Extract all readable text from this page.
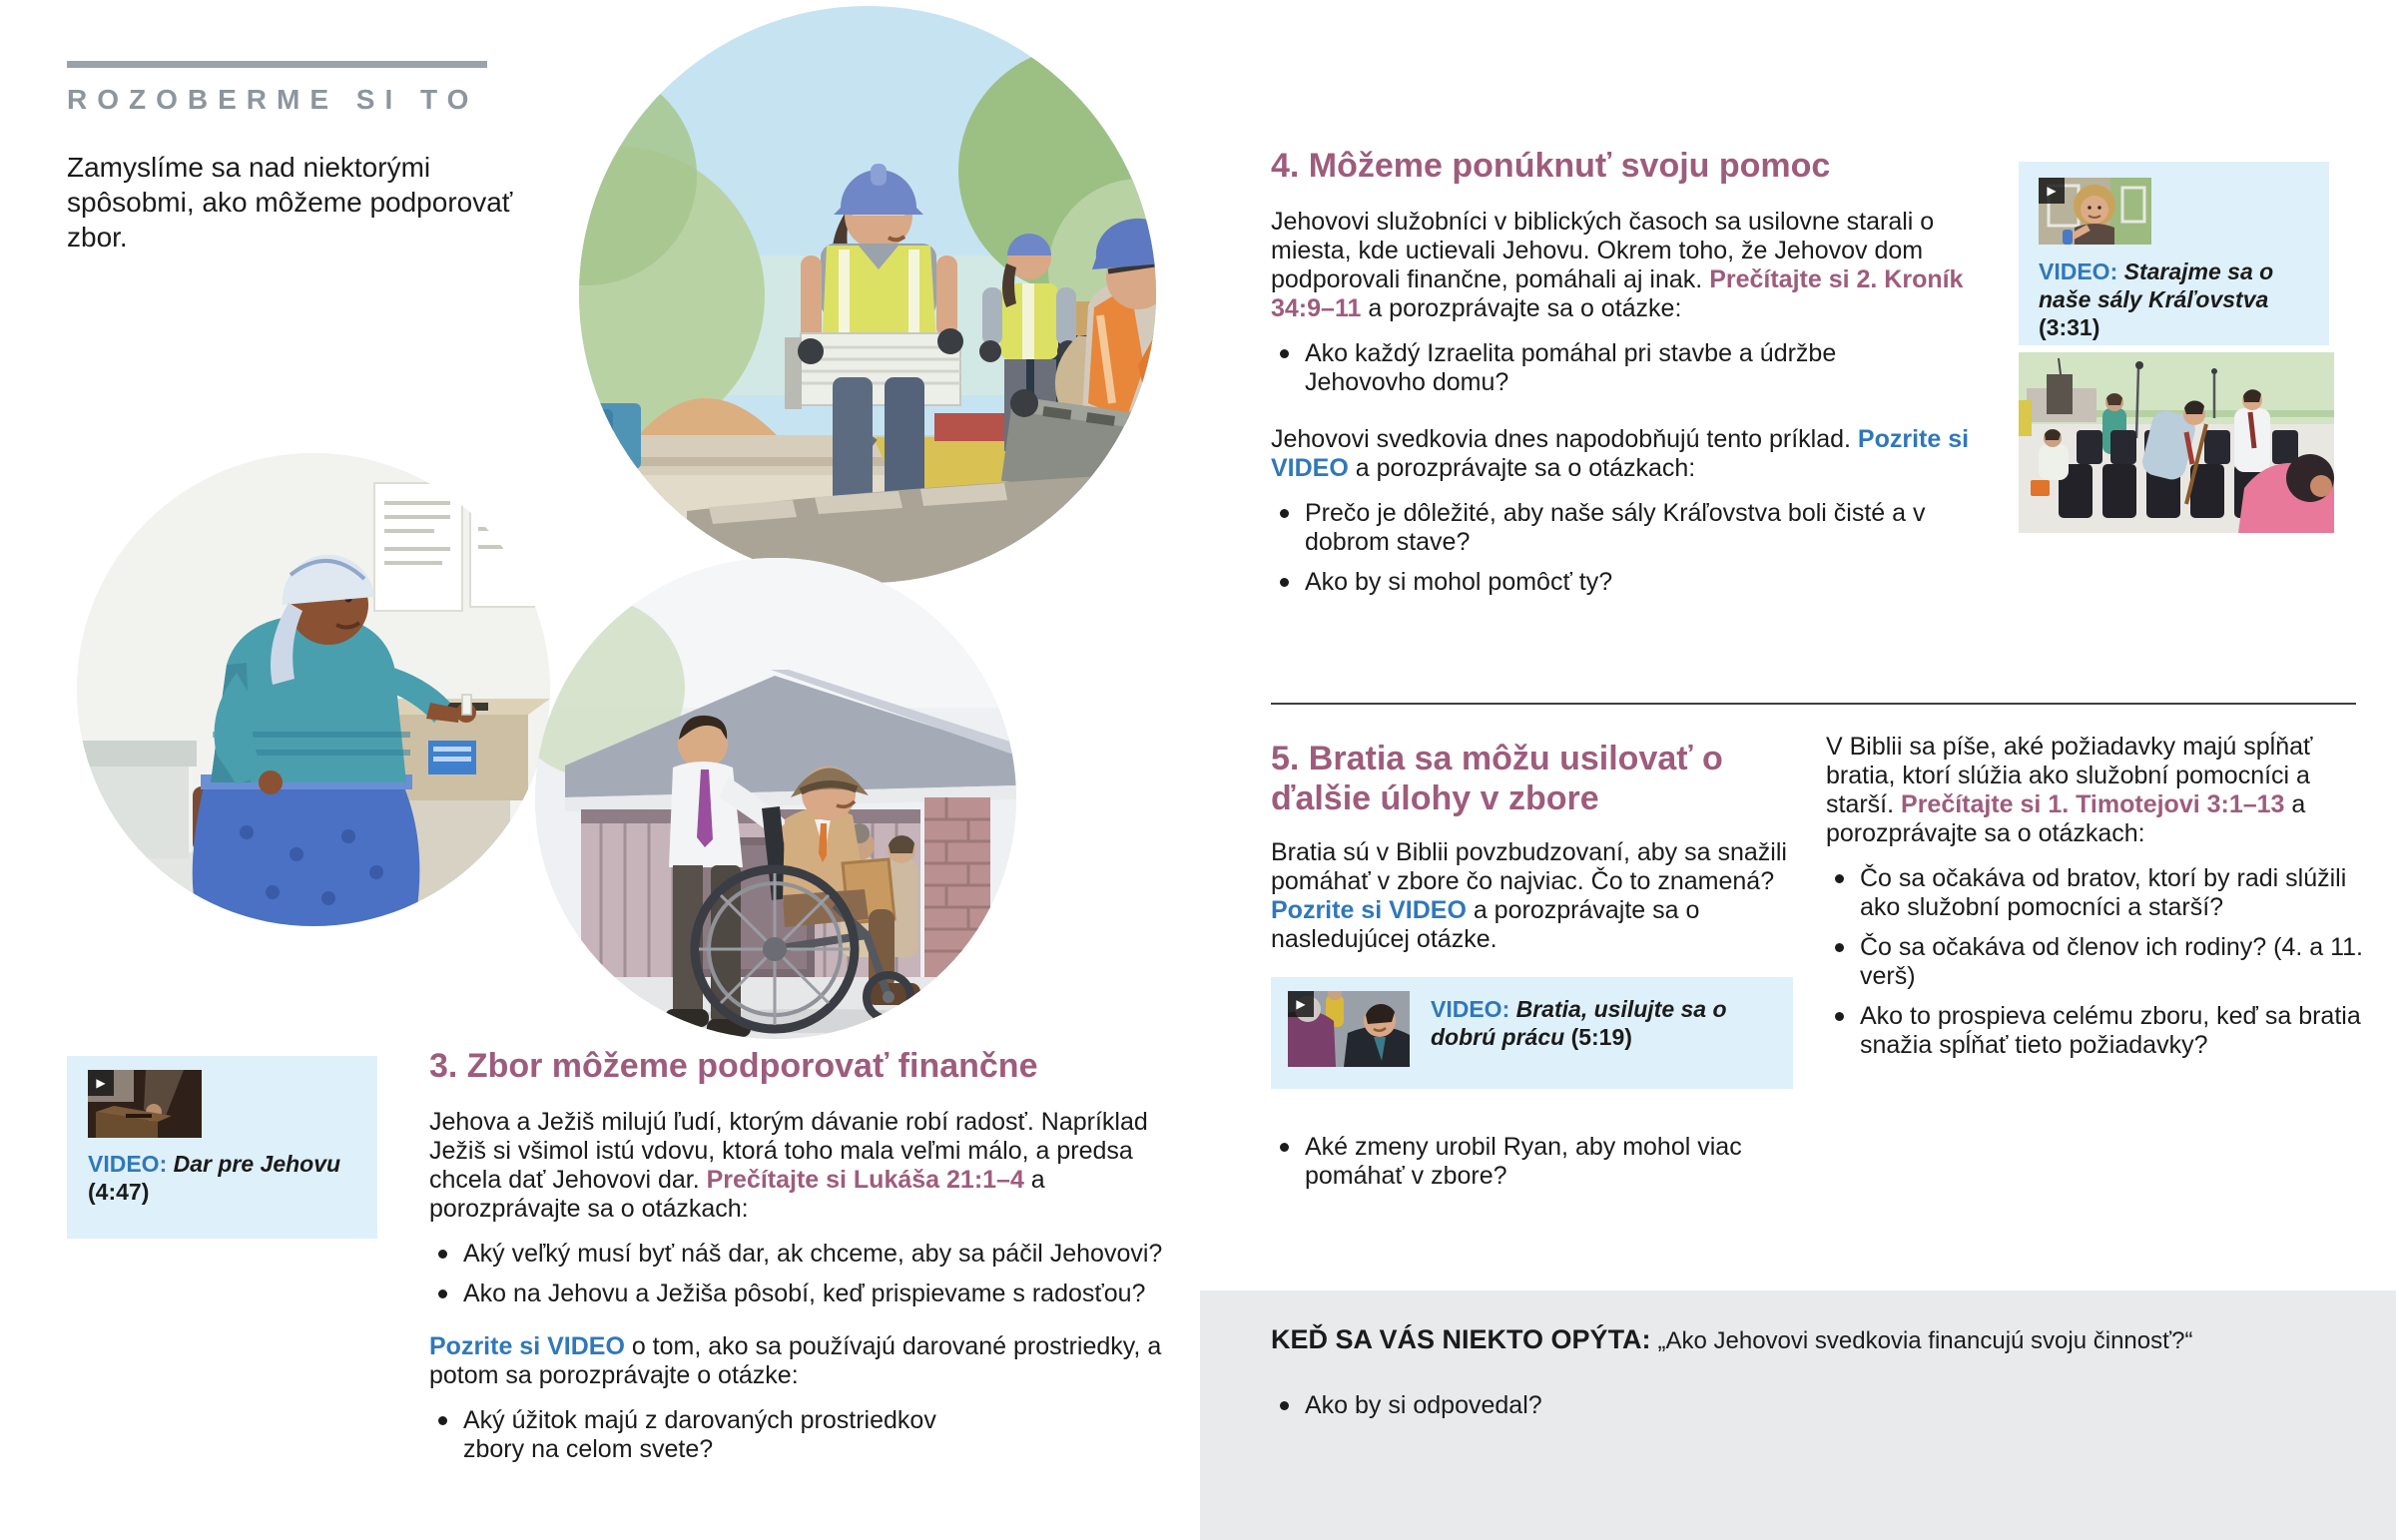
ROZOBERME SI TO

Zamyslíme sa nad niektorými spôsobmi, ako môžeme podporovať zbor.

▶

VIDEO: Dar pre Jehovu (4:47)

3. Zbor môžeme podporovať finančne

Jehova a Ježiš milujú ľudí, ktorým dávanie robí radosť. Napríklad Ježiš si všimol istú vdovu, ktorá toho mala veľmi málo, a predsa chcela dať Jehovovi dar. Prečítajte si Lukáša 21:1–4 a porozprávajte sa o otázkach:

Aký veľký musí byť náš dar, ak chceme, aby sa páčil Jehovovi?
Ako na Jehovu a Ježiša pôsobí, keď prispievame s radosťou?

Pozrite si VIDEO o tom, ako sa používajú darované prostriedky, a potom sa porozprávajte o otázke:

Aký úžitok majú z darovaných prostriedkov zbory na celom svete?
4. Môžeme ponúknuť svoju pomoc

Jehovovi služobníci v biblických časoch sa usilovne starali o miesta, kde uctievali Jehovu. Okrem toho, že Jehovov dom podporovali finančne, pomáhali aj inak. Prečítajte si 2. Kroník 34:9–11 a porozprávajte sa o otázke:

Ako každý Izraelita pomáhal pri stavbe a údržbe Jehovovho domu?

Jehovovi svedkovia dnes napodobňujú tento príklad. Pozrite si VIDEO a porozprávajte sa o otázkach:

Prečo je dôležité, aby naše sály Kráľovstva boli čisté a v dobrom stave?
Ako by si mohol pomôcť ty?
▶

VIDEO: Starajme sa o naše sály Kráľovstva (3:31)

5. Bratia sa môžu usilovať o ďalšie úlohy v zbore

Bratia sú v Biblii povzbudzovaní, aby sa snažili pomáhať v zbore čo najviac. Čo to znamená? Pozrite si VIDEO a porozprávajte sa o nasledujúcej otázke.

▶	VIDEO: Bratia, usilujte sa o dobrú prácu (5:19)

Aké zmeny urobil Ryan, aby mohol viac pomáhať v zbore?

V Biblii sa píše, aké požiadavky majú spĺňať bratia, ktorí slúžia ako služobní pomocníci a starší. Prečítajte si 1. Timotejovi 3:1–13 a porozprávajte sa o otázkach:

Čo sa očakáva od bratov, ktorí by radi slúžili ako služobní pomocníci a starší?
Čo sa očakáva od členov ich rodiny? (4. a 11. verš)
Ako to prospieva celému zboru, keď sa bratia snažia spĺňať tieto požiadavky?

KEĎ SA VÁS NIEKTO OPÝTA: „Ako Jehovovi svedkovia financujú svoju činnosť?“

Ako by si odpovedal?
